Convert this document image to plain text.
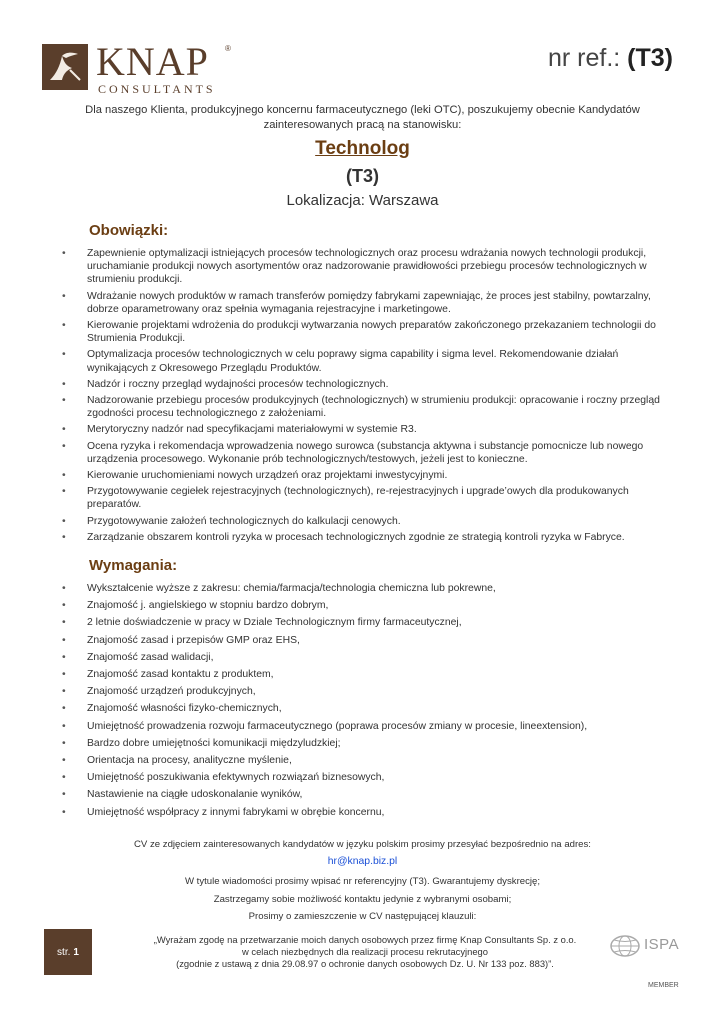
KNAP ®
CONSULTANTS
nr ref.: (T3)
Dla naszego Klienta, produkcyjnego koncernu farmaceutycznego (leki OTC), poszukujemy obecnie Kandydatów zainteresowanych pracą na stanowisku:
Technolog
(T3)
Lokalizacja: Warszawa
Obowiązki:
• Zapewnienie optymalizacji istniejących procesów technologicznych oraz procesu wdrażania nowych technologii produkcji, uruchamianie produkcji nowych asortymentów oraz nadzorowanie prawidłowości przebiegu procesów technologicznych w strumieniu produkcji.
• Wdrażanie nowych produktów w ramach transferów pomiędzy fabrykami zapewniając, że proces jest stabilny, powtarzalny, dobrze oparametrowany oraz spełnia wymagania rejestracyjne i marketingowe.
• Kierowanie projektami wdrożenia do produkcji wytwarzania nowych preparatów zakończonego przekazaniem technologii do Strumienia Produkcji.
• Optymalizacja procesów technologicznych w celu poprawy sigma capability i sigma level. Rekomendowanie działań wynikających z Okresowego Przeglądu Produktów.
• Nadzór i roczny przegląd wydajności procesów technologicznych.
• Nadzorowanie przebiegu procesów produkcyjnych (technologicznych) w strumieniu produkcji: opracowanie i roczny przegląd zgodności procesu technologicznego z założeniami.
• Merytoryczny nadzór nad specyfikacjami materiałowymi w systemie R3.
• Ocena ryzyka i rekomendacja wprowadzenia nowego surowca (substancja aktywna i substancje pomocnicze lub nowego urządzenia procesowego. Wykonanie prób technologicznych/testowych, jeżeli jest to konieczne.
• Kierowanie uruchomieniami nowych urządzeń oraz projektami inwestycyjnymi.
• Przygotowywanie cegiełek rejestracyjnych (technologicznych), re-rejestracyjnych i upgrade’owych dla produkowanych preparatów.
• Przygotowywanie założeń technologicznych do kalkulacji cenowych.
• Zarządzanie obszarem kontroli ryzyka w procesach technologicznych zgodnie ze strategią kontroli ryzyka w Fabryce.
Wymagania:
• Wykształcenie wyższe z zakresu: chemia/farmacja/technologia chemiczna lub pokrewne,
• Znajomość j. angielskiego w stopniu bardzo dobrym,
• 2 letnie doświadczenie w pracy w Dziale Technologicznym firmy farmaceutycznej,
• Znajomość zasad i przepisów GMP oraz EHS,
• Znajomość zasad walidacji,
• Znajomość zasad kontaktu z produktem,
• Znajomość urządzeń produkcyjnych,
• Znajomość własności fizyko-chemicznych,
• Umiejętność prowadzenia rozwoju farmaceutycznego (poprawa procesów zmiany w procesie, lineextension),
• Bardzo dobre umiejętności komunikacji międzyludzkiej;
• Orientacja na procesy, analityczne myślenie,
• Umiejętność poszukiwania efektywnych rozwiązań biznesowych,
• Nastawienie na ciągłe udoskonalanie wyników,
• Umiejętność współpracy z innymi fabrykami w obrębie koncernu,
CV ze zdjęciem zainteresowanych kandydatów w języku polskim prosimy przesyłać bezpośrednio na adres:
hr@knap.biz.pl
W tytule wiadomości prosimy wpisać nr referencyjny (T3). Gwarantujemy dyskrecję;
Zastrzegamy sobie możliwość kontaktu jedynie z wybranymi osobami;
Prosimy o zamieszczenie w CV następującej klauzuli:
str. 1
„Wyrażam zgodę na przetwarzanie moich danych osobowych przez firmę Knap Consultants Sp. z o.o.
w celach niezbędnych dla realizacji procesu rekrutacyjnego
(zgodnie z ustawą z dnia 29.08.97 o ochronie danych osobowych Dz. U. Nr 133 poz. 883)”.
ISPA
MEMBER
